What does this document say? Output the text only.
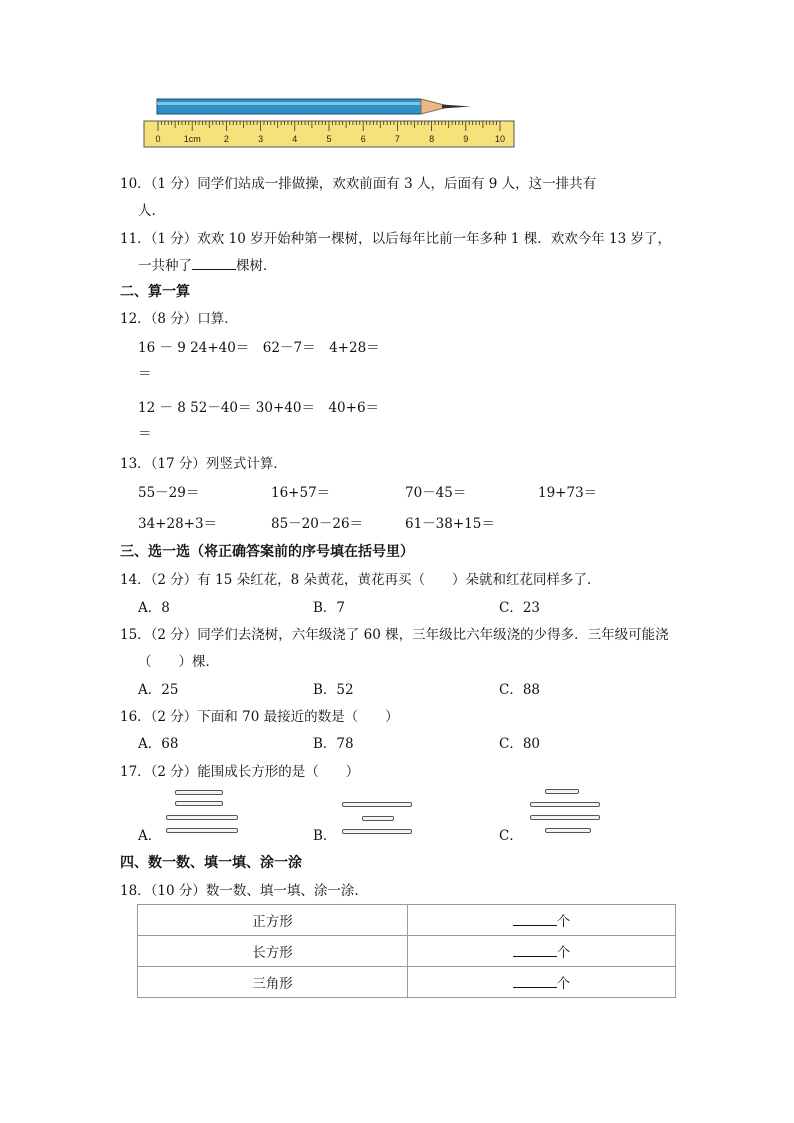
0	1cm	2	3	4	5	6	7	8	9	10
10．（1 分）同学们站成一排做操，欢欢前面有 3 人，后面有 9 人，这一排共有
人.
11．（1 分）欢欢 10 岁开始种第一棵树，以后每年比前一年多种 1 棵．欢欢今年 13 岁了，
一共种了	棵树．
二、算一算
12．（8 分）口算．
16 － 9 24+40＝　62－7＝　4+28＝
＝
12 － 8 52－40＝ 30+40＝　40+6＝
＝
13．（17 分）列竖式计算．
55－29＝	16+57＝	70－45＝	19+73＝
34+28+3＝	85－20－26＝	61－38+15＝
三、选一选（将正确答案前的序号填在括号里）
14．（2 分）有 15 朵红花，8 朵黄花，黄花再买（　　）朵就和红花同样多了．
A．8	B．7	C．23
15．（2 分）同学们去浇树，六年级浇了 60 棵，三年级比六年级浇的少得多．三年级可能浇
（　　）棵．
A．25	B．52	C．88
16．（2 分）下面和 70 最接近的数是（　　）
A．68	B．78	C．80
17．（2 分）能围成长方形的是（　　）
A．	B．	C．
四、数一数、填一填、涂一涂
18．（10 分）数一数、填一填、涂一涂.
正方形	个
长方形	个
三角形	个
